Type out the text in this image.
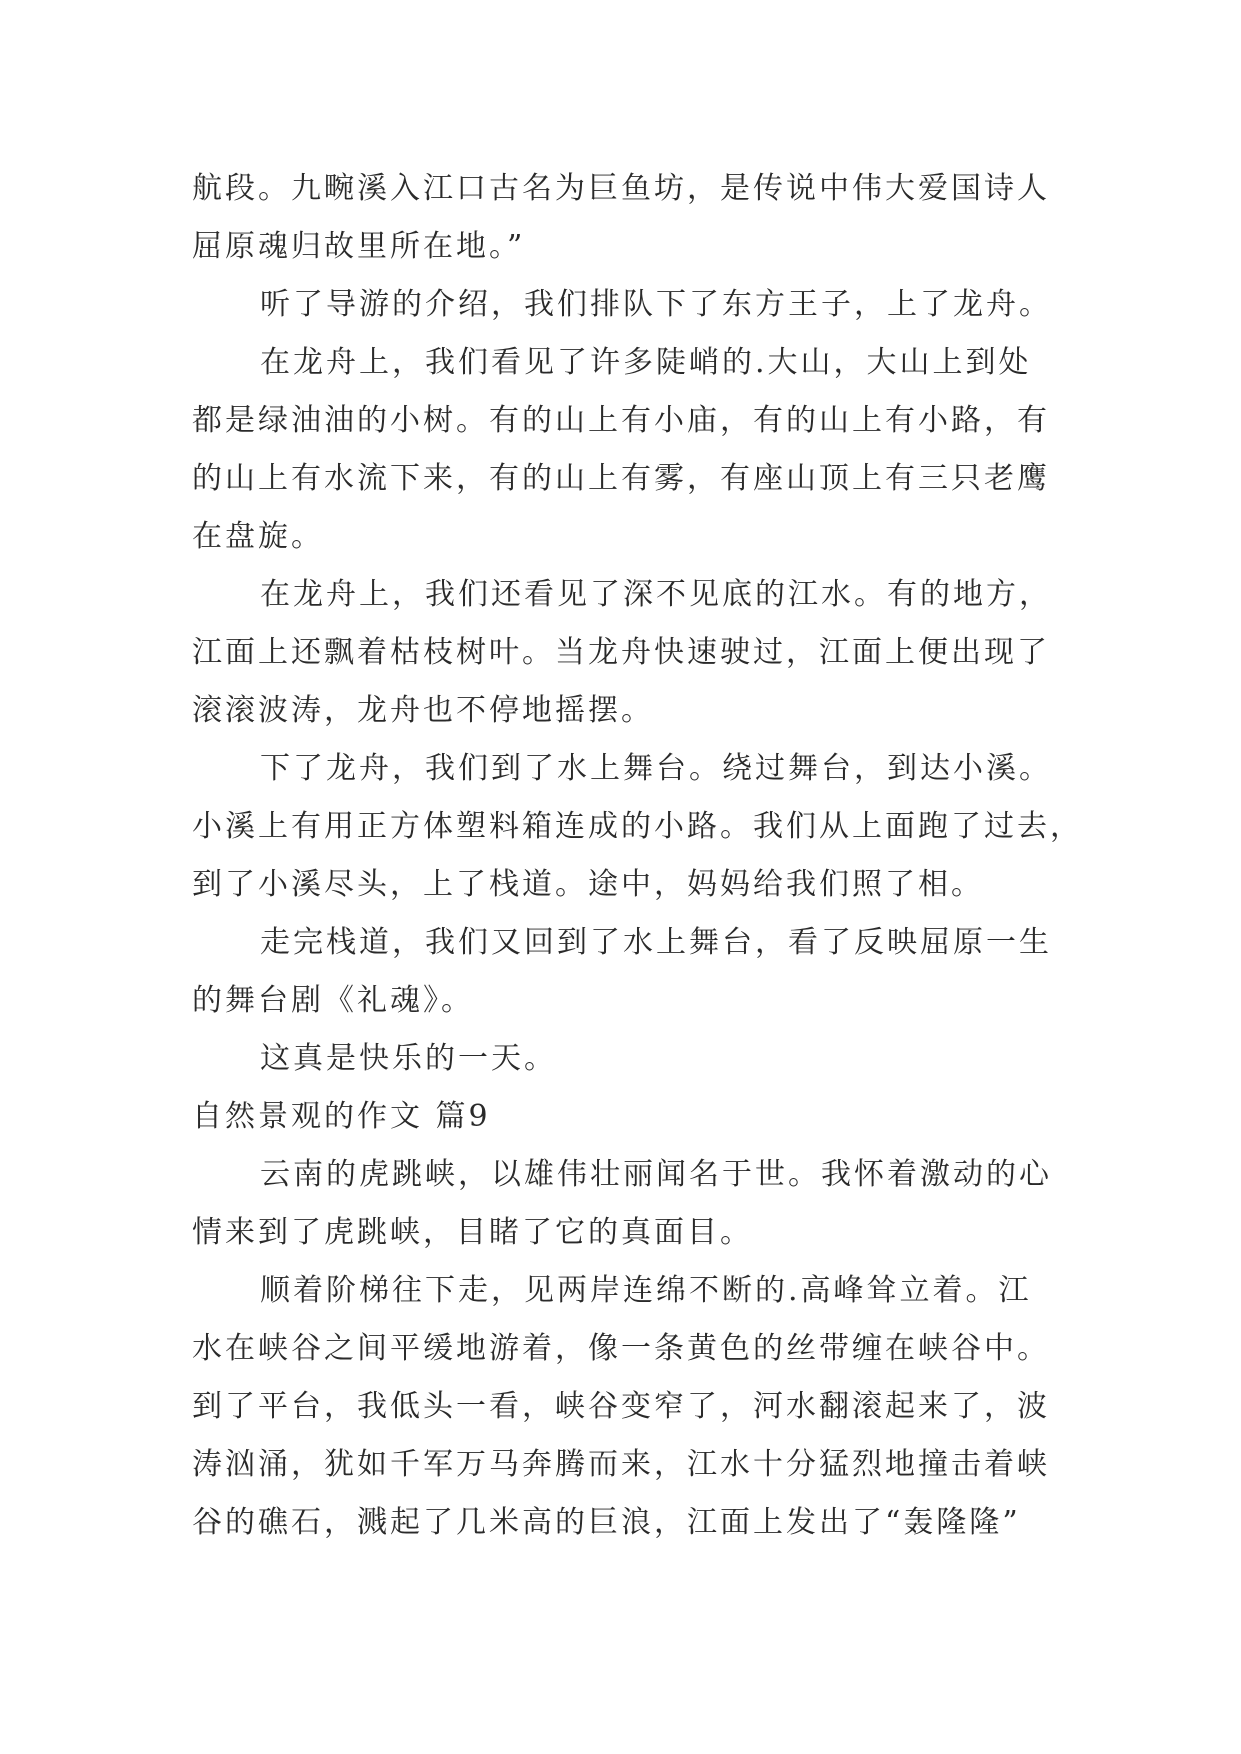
航段。九畹溪入江口古名为巨鱼坊，是传说中伟大爱国诗人
屈原魂归故里所在地。”
听了导游的介绍，我们排队下了东方王子，上了龙舟。
在龙舟上，我们看见了许多陡峭的.大山，大山上到处
都是绿油油的小树。有的山上有小庙，有的山上有小路，有
的山上有水流下来，有的山上有雾，有座山顶上有三只老鹰
在盘旋。
在龙舟上，我们还看见了深不见底的江水。有的地方，
江面上还飘着枯枝树叶。当龙舟快速驶过，江面上便出现了
滚滚波涛，龙舟也不停地摇摆。
下了龙舟，我们到了水上舞台。绕过舞台，到达小溪。
小溪上有用正方体塑料箱连成的小路。我们从上面跑了过去，
到了小溪尽头，上了栈道。途中，妈妈给我们照了相。
走完栈道，我们又回到了水上舞台，看了反映屈原一生
的舞台剧《礼魂》。
这真是快乐的一天。
自然景观的作文 篇9
云南的虎跳峡，以雄伟壮丽闻名于世。我怀着激动的心
情来到了虎跳峡，目睹了它的真面目。
顺着阶梯往下走，见两岸连绵不断的.高峰耸立着。江
水在峡谷之间平缓地游着，像一条黄色的丝带缠在峡谷中。
到了平台，我低头一看，峡谷变窄了，河水翻滚起来了，波
涛汹涌，犹如千军万马奔腾而来，江水十分猛烈地撞击着峡
谷的礁石，溅起了几米高的巨浪，江面上发出了“轰隆隆”
